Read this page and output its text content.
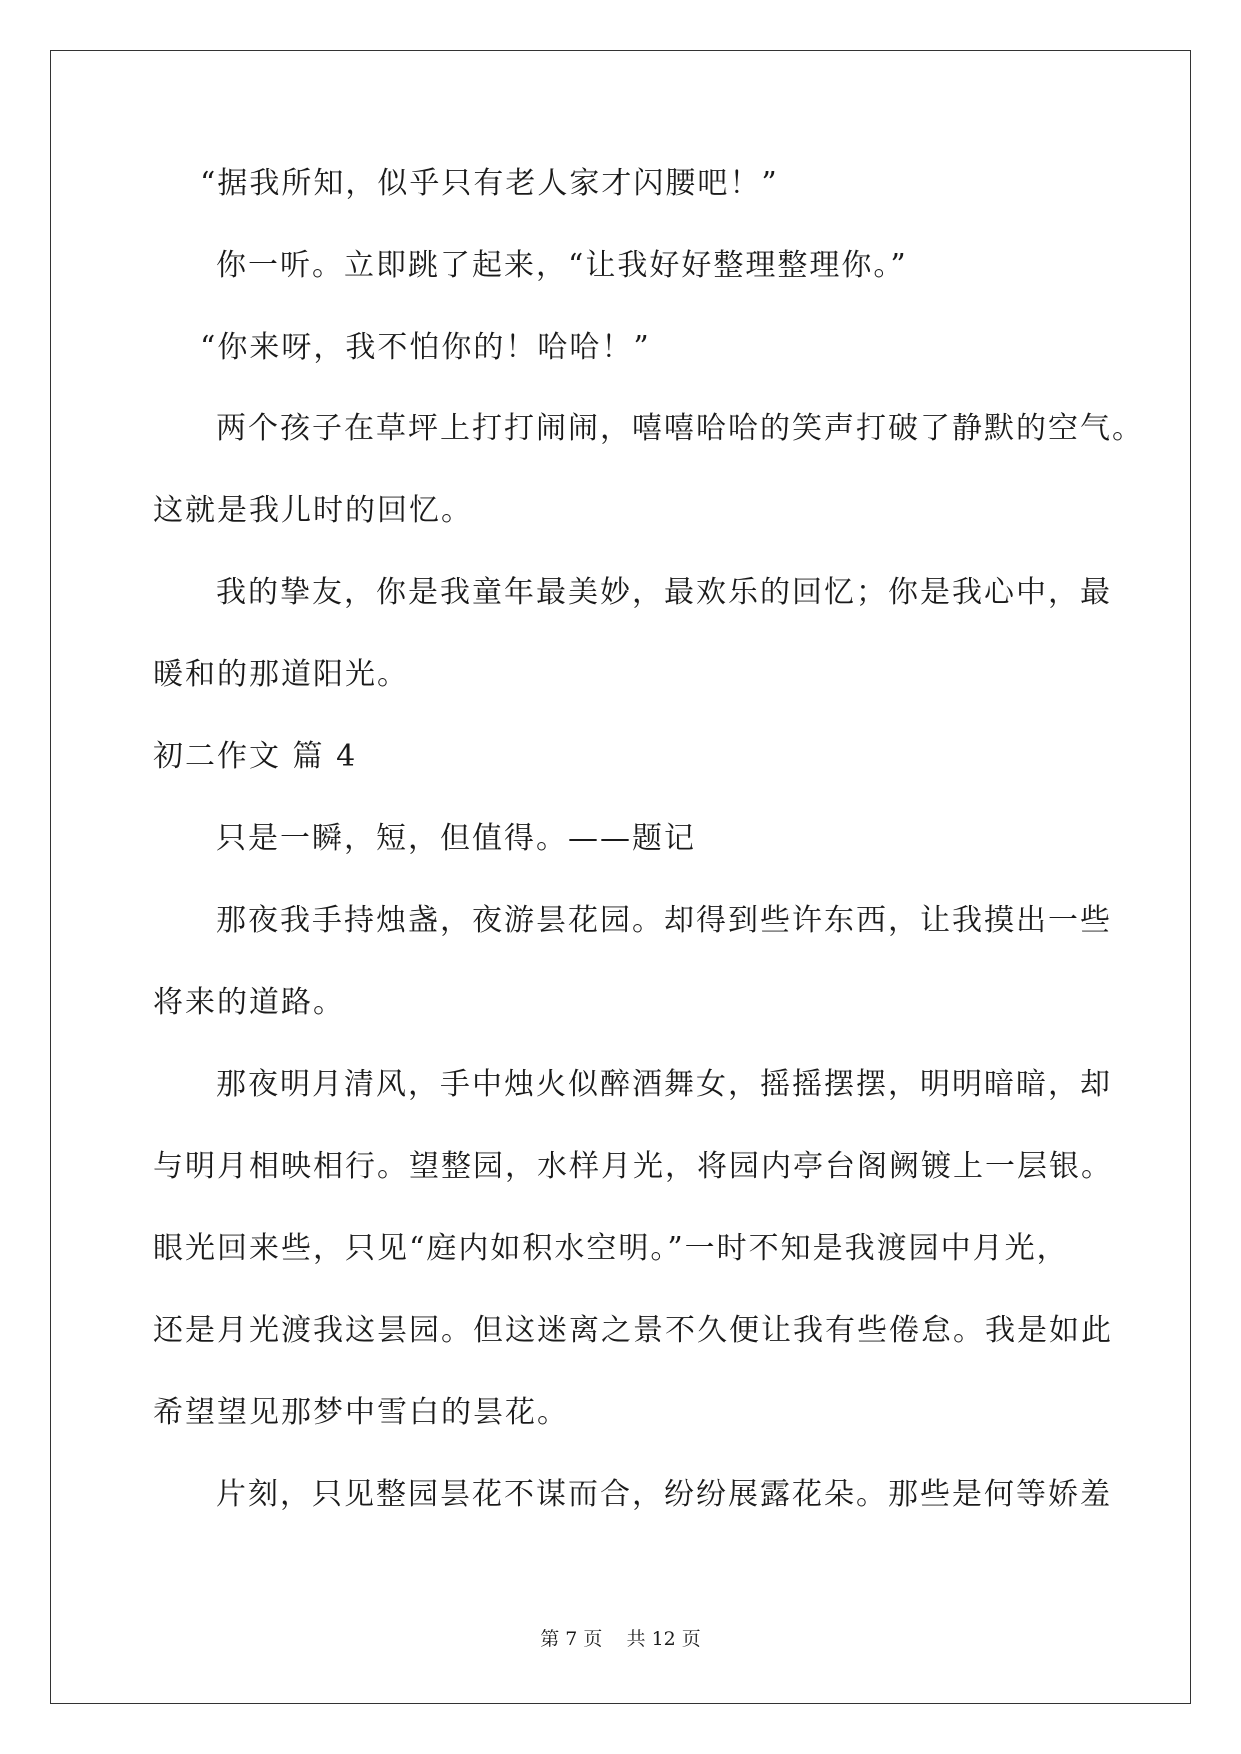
“据我所知，似乎只有老人家才闪腰吧！”
你一听。立即跳了起来，“让我好好整理整理你。”
“你来呀，我不怕你的！哈哈！”
两个孩子在草坪上打打闹闹，嘻嘻哈哈的笑声打破了静默的空气。
这就是我儿时的回忆。
我的挚友，你是我童年最美妙，最欢乐的回忆；你是我心中，最
暖和的那道阳光。
初二作文 篇 4
只是一瞬，短，但值得。——题记
那夜我手持烛盏，夜游昙花园。却得到些许东西，让我摸出一些
将来的道路。
那夜明月清风，手中烛火似醉酒舞女，摇摇摆摆，明明暗暗，却
与明月相映相行。望整园，水样月光，将园内亭台阁阙镀上一层银。
眼光回来些，只见“庭内如积水空明。”一时不知是我渡园中月光，
还是月光渡我这昙园。但这迷离之景不久便让我有些倦怠。我是如此
希望望见那梦中雪白的昙花。
片刻，只见整园昙花不谋而合，纷纷展露花朵。那些是何等娇羞
第 7 页    共 12 页
